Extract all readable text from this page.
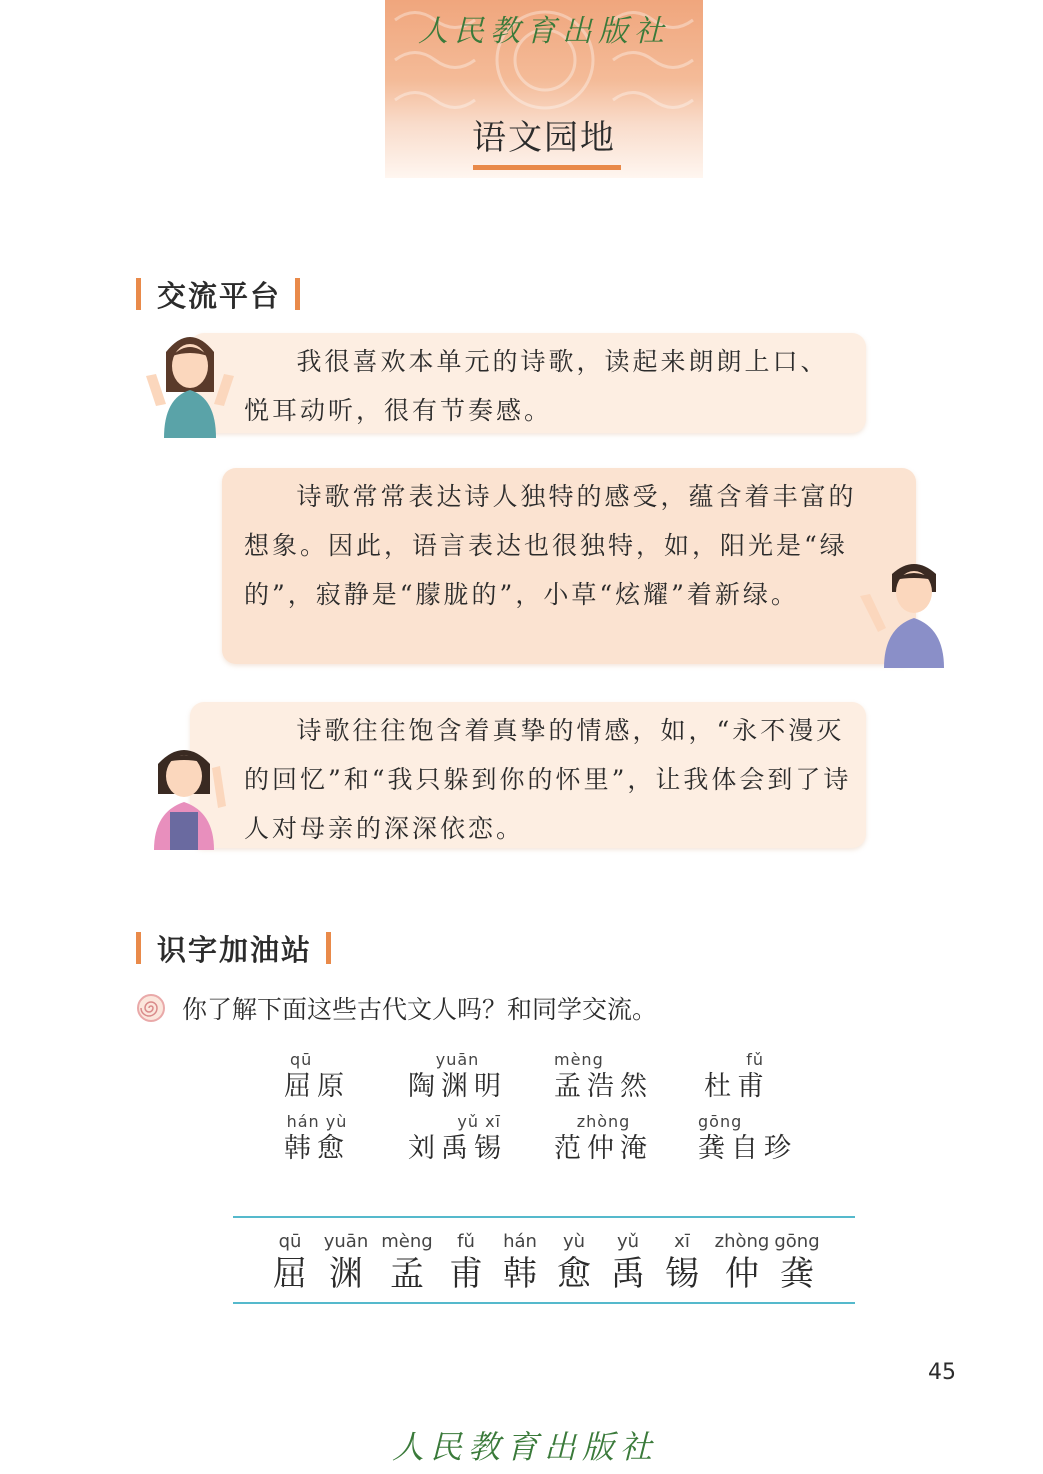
人民教育出版社
语文园地
交流平台

我很喜欢本单元的诗歌，读起来朗朗上口、悦耳动听，很有节奏感。

诗歌常常表达诗人独特的感受，蕴含着丰富的想象。因此，语言表达也很独特，如，阳光是“绿的”，寂静是“朦胧的”，小草“炫耀”着新绿。

诗歌往往饱含着真挚的情感，如，“永不漫灭的回忆”和“我只躲到你的怀里”，让我体会到了诗人对母亲的深深依恋。

识字加油站
你了解下面这些古代文人吗？和同学交流。
qū
屈原
yuān
陶渊明
mèng
孟浩然
fǔ
杜甫
hán yù
韩愈
yǔ xī
刘禹锡
zhòng
范仲淹
gōng
龚自珍
qū
屈
yuān
渊
mèng
孟
fǔ
甫
hán
韩
yù
愈
yǔ
禹
xī
锡
zhòng
仲
gōng
龚
45
人民教育出版社
